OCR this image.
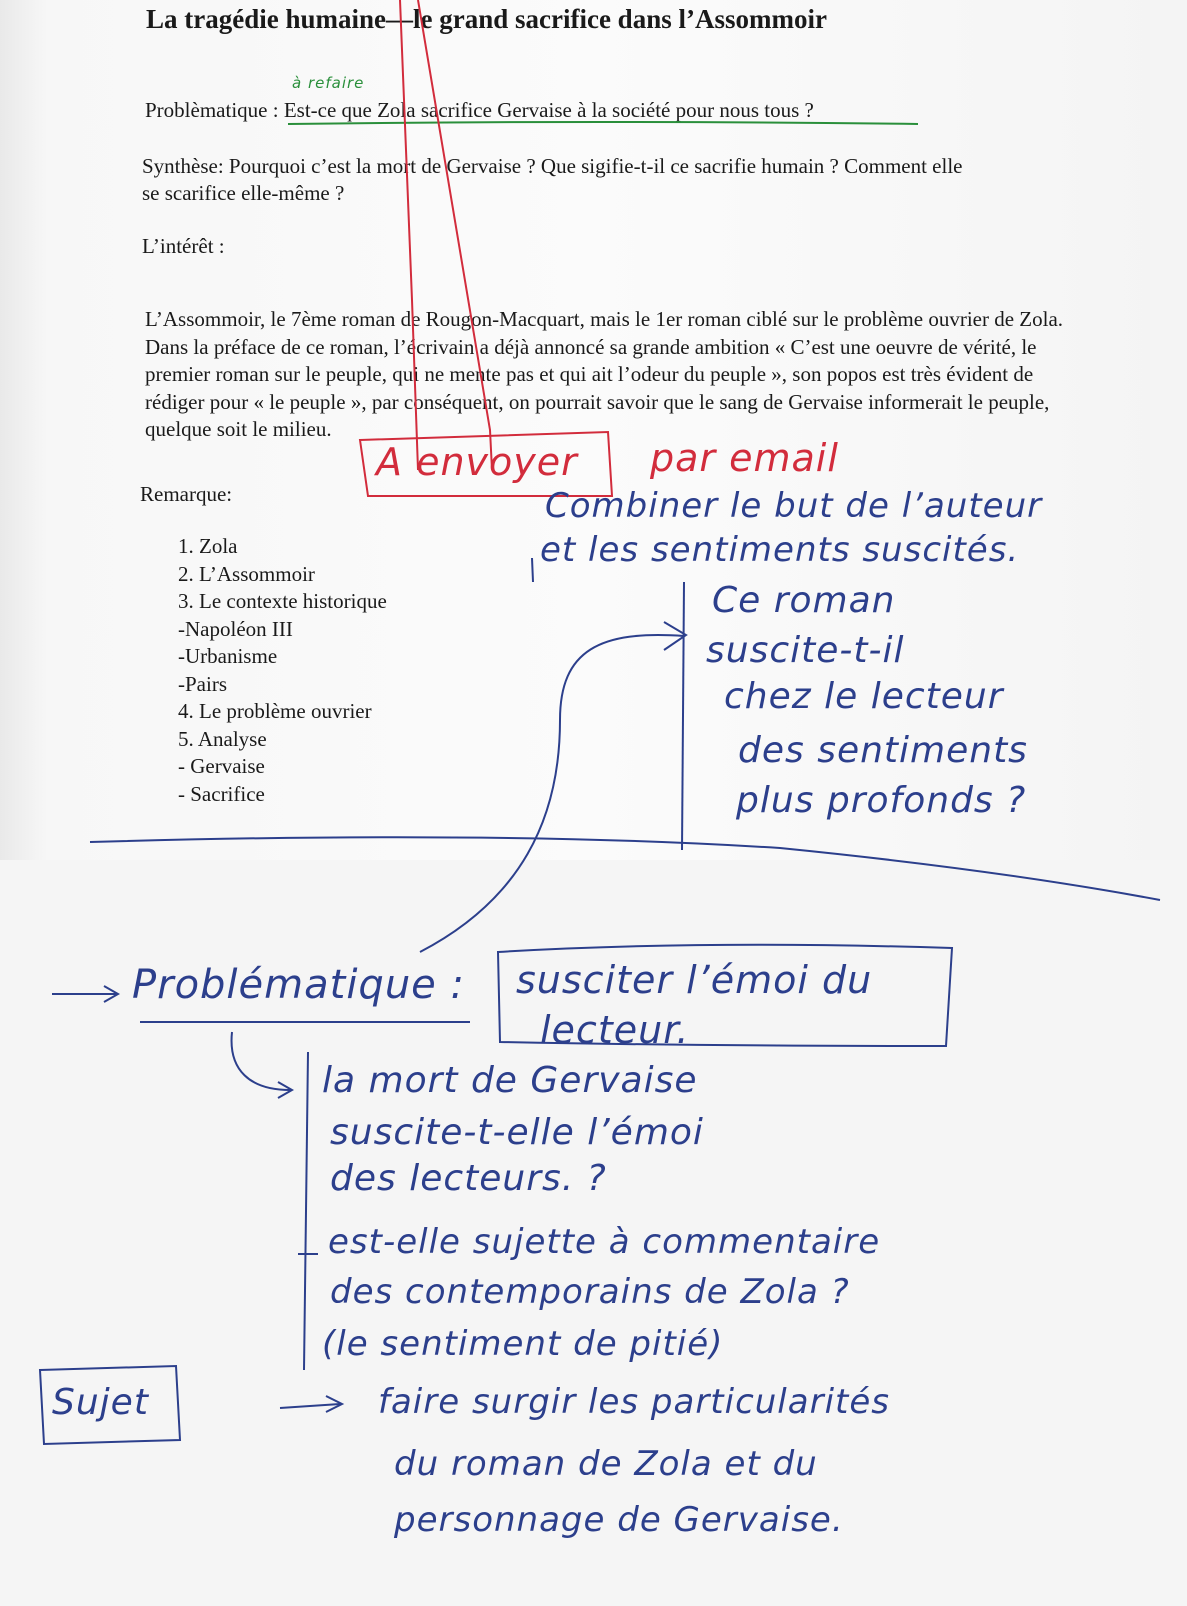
La tragédie humaine—le grand sacrifice dans l’Assommoir
Problèmatique : Est-ce que Zola sacrifice Gervaise à la société pour nous tous ?
Synthèse: Pourquoi c’est la mort de Gervaise ? Que sigifie-t-il ce sacrifie humain ? Comment elle
se scarifice elle-même ?
L’intérêt :
L’Assommoir, le 7ème roman de Rougon-Macquart, mais le 1er roman ciblé sur le problème ouvrier de Zola. Dans la préface de ce roman, l’écrivain a déjà annoncé sa grande ambition « C’est une oeuvre de vérité, le premier roman sur le peuple, qui ne mente pas et qui ait l’odeur du peuple », son popos est très évident de rédiger pour « le peuple », par conséquent, on pourrait savoir que le sang de Gervaise informerait le peuple, quelque soit le milieu.
Remarque:
1. Zola
2. L’Assommoir
3. Le contexte historique
-Napoléon III
-Urbanisme
-Pairs
4. Le problème ouvrier
5. Analyse
- Gervaise
- Sacrifice
à refaire
A envoyer par email
Combiner le but de l’auteur
et les sentiments suscités.
Ce roman
suscite-t-il
chez le lecteur
des sentiments
plus profonds ?
Problématique : susciter l’émoi du
lecteur.
la mort de Gervaise
suscite-t-elle l’émoi
des lecteurs. ?
est-elle sujette à commentaire
des contemporains de Zola ?
(le sentiment de pitié)
Sujet	faire surgir les particularités
du roman de Zola et du
personnage de Gervaise.
